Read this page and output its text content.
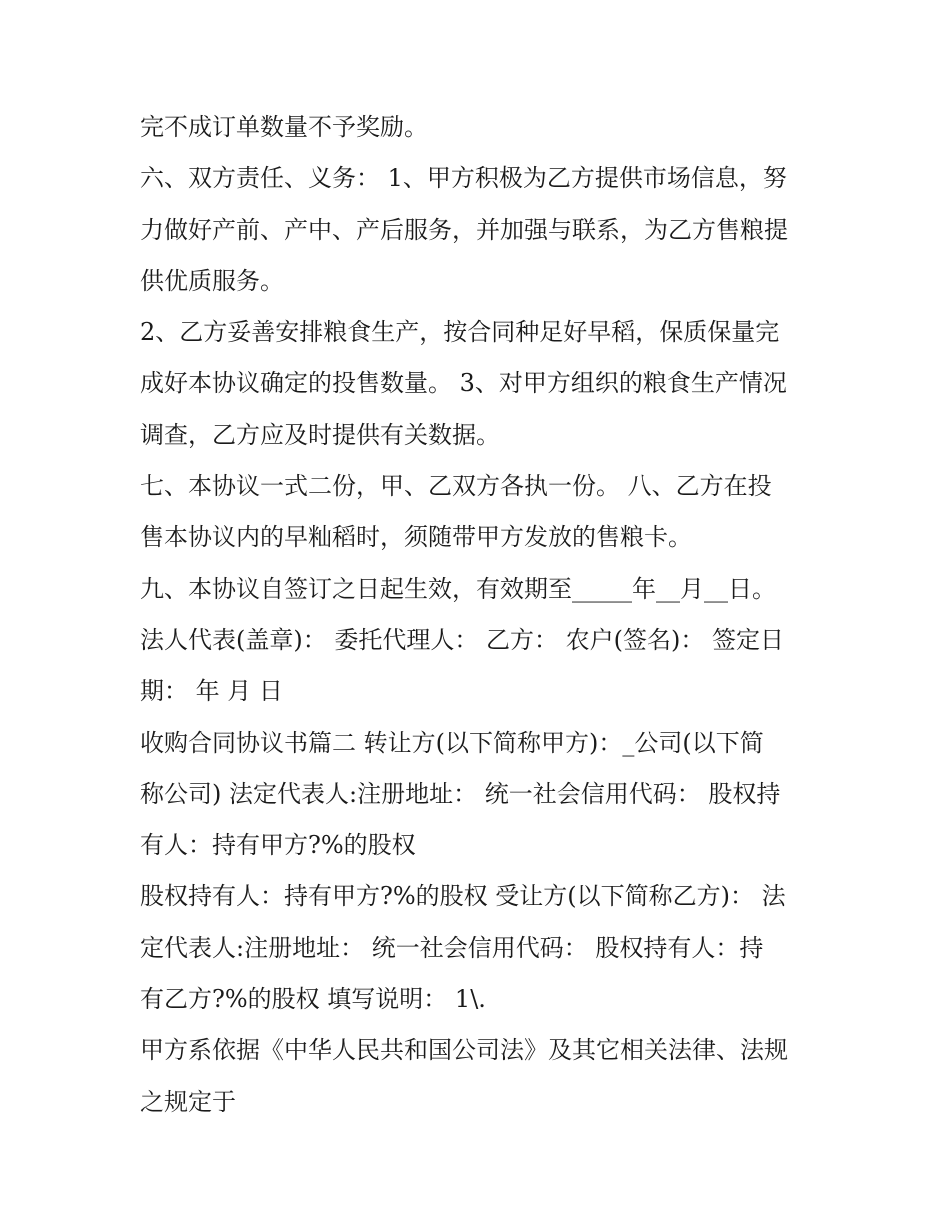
完不成订单数量不予奖励。

六、双方责任、义务： 1、甲方积极为乙方提供市场信息，努
力做好产前、产中、产后服务，并加强与联系，为乙方售粮提
供优质服务。

2、乙方妥善安排粮食生产，按合同种足好早稻，保质保量完
成好本协议确定的投售数量。 3、对甲方组织的粮食生产情况
调查，乙方应及时提供有关数据。

七、本协议一式二份，甲、乙双方各执一份。 八、乙方在投
售本协议内的早籼稻时，须随带甲方发放的售粮卡。

九、本协议自签订之日起生效，有效期至_____年__月__日。

法人代表(盖章)： 委托代理人： 乙方： 农户(签名)： 签定日
期： 年 月 日

收购合同协议书篇二 转让方(以下简称甲方)：_公司(以下简
称公司) 法定代表人:注册地址： 统一社会信用代码： 股权持
有人：持有甲方?%的股权

股权持有人：持有甲方?%的股权 受让方(以下简称乙方)： 法
定代表人:注册地址： 统一社会信用代码： 股权持有人：持
有乙方?%的股权 填写说明： 1\.

甲方系依据《中华人民共和国公司法》及其它相关法律、法规
之规定于
